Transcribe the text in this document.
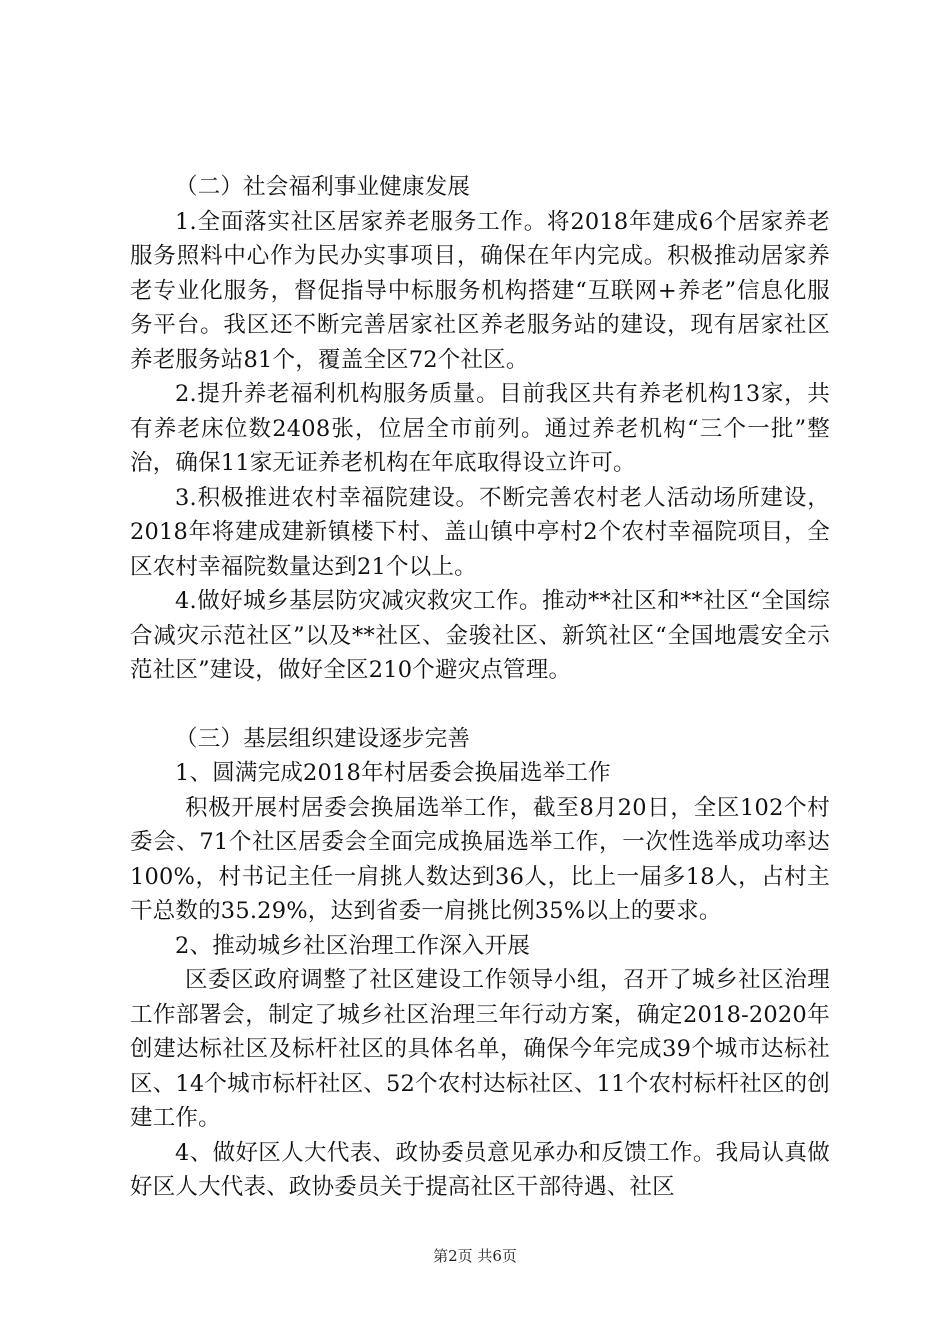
（二）社会福利事业健康发展

1.全面落实社区居家养老服务工作。将2018年建成6个居家养老服务照料中心作为民办实事项目，确保在年内完成。积极推动居家养老专业化服务，督促指导中标服务机构搭建“互联网+养老”信息化服务平台。我区还不断完善居家社区养老服务站的建设，现有居家社区养老服务站81个，覆盖全区72个社区。

2.提升养老福利机构服务质量。目前我区共有养老机构13家，共有养老床位数2408张，位居全市前列。通过养老机构“三个一批”整治，确保11家无证养老机构在年底取得设立许可。

3.积极推进农村幸福院建设。不断完善农村老人活动场所建设，2018年将建成建新镇楼下村、盖山镇中亭村2个农村幸福院项目，全区农村幸福院数量达到21个以上。

4.做好城乡基层防灾减灾救灾工作。推动**社区和**社区“全国综合减灾示范社区”以及**社区、金骏社区、新筑社区“全国地震安全示范社区”建设，做好全区210个避灾点管理。

（三）基层组织建设逐步完善

1、圆满完成2018年村居委会换届选举工作

积极开展村居委会换届选举工作，截至8月20日，全区102个村委会、71个社区居委会全面完成换届选举工作，一次性选举成功率达100%，村书记主任一肩挑人数达到36人，比上一届多18人，占村主干总数的35.29%，达到省委一肩挑比例35%以上的要求。

2、推动城乡社区治理工作深入开展

区委区政府调整了社区建设工作领导小组，召开了城乡社区治理工作部署会，制定了城乡社区治理三年行动方案，确定2018-2020年创建达标社区及标杆社区的具体名单，确保今年完成39个城市达标社区、14个城市标杆社区、52个农村达标社区、11个农村标杆社区的创建工作。

4、做好区人大代表、政协委员意见承办和反馈工作。我局认真做好区人大代表、政协委员关于提高社区干部待遇、社区

第2页 共6页
